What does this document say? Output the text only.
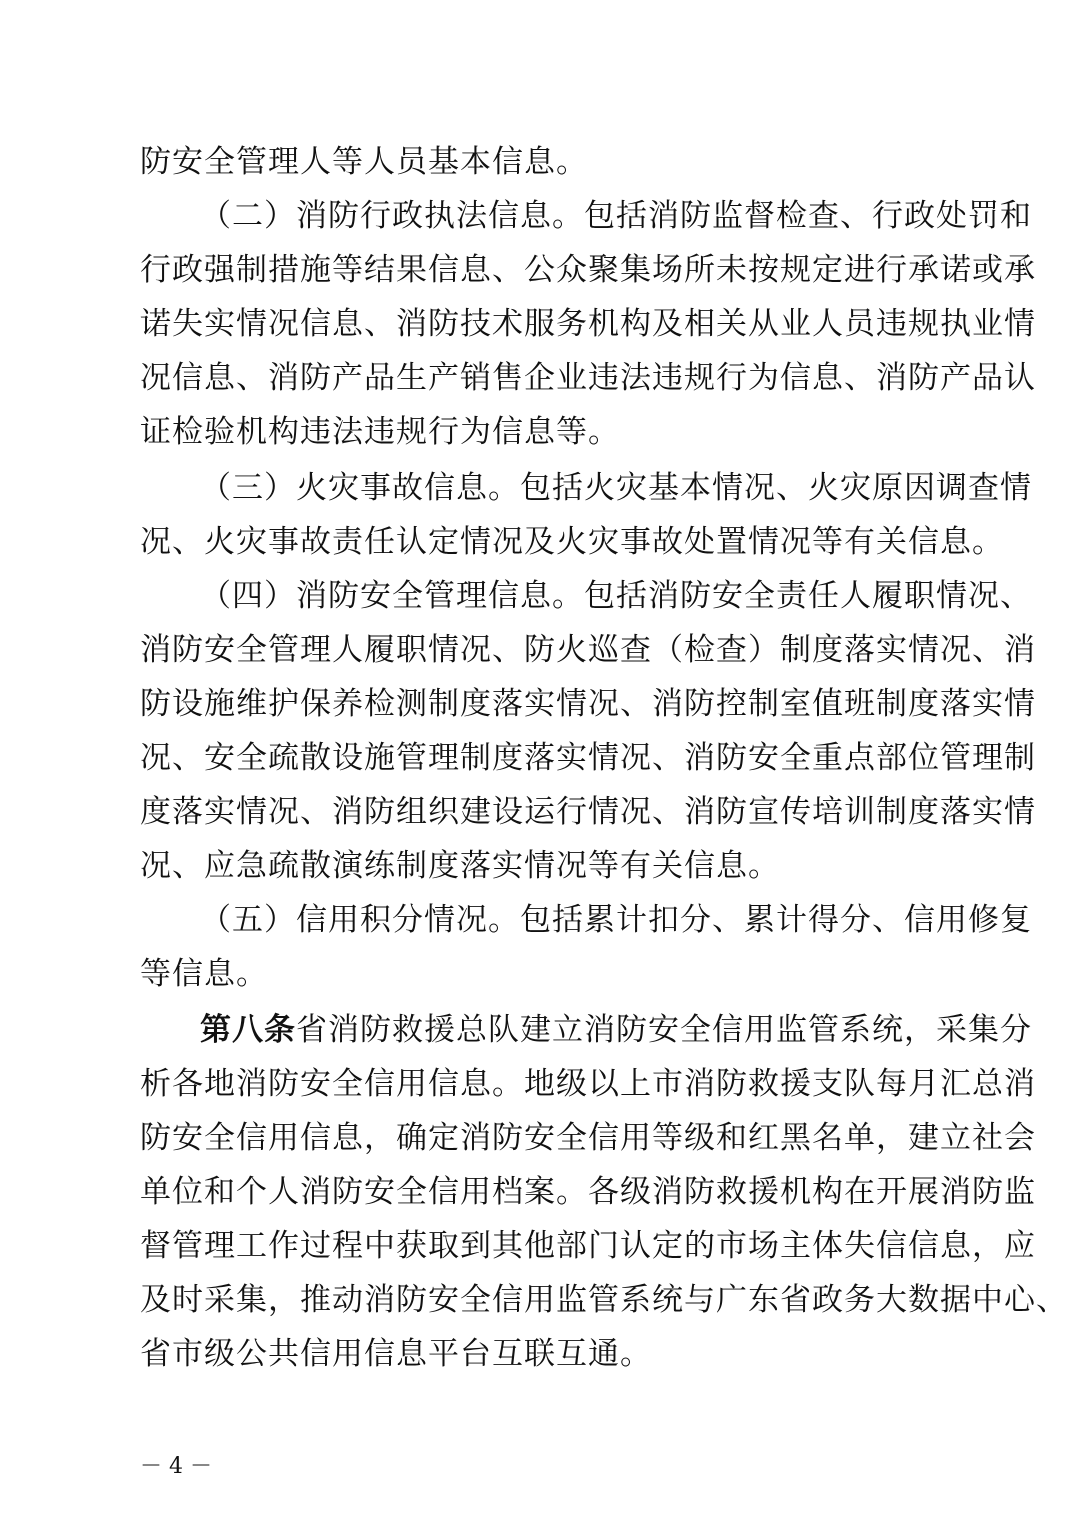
防安全管理人等人员基本信息。
（二）消防行政执法信息。包括消防监督检查、行政处罚和
行政强制措施等结果信息、公众聚集场所未按规定进行承诺或承
诺失实情况信息、消防技术服务机构及相关从业人员违规执业情
况信息、消防产品生产销售企业违法违规行为信息、消防产品认
证检验机构违法违规行为信息等。
（三）火灾事故信息。包括火灾基本情况、火灾原因调查情
况、火灾事故责任认定情况及火灾事故处置情况等有关信息。
（四）消防安全管理信息。包括消防安全责任人履职情况、
消防安全管理人履职情况、防火巡查（检查）制度落实情况、消
防设施维护保养检测制度落实情况、消防控制室值班制度落实情
况、安全疏散设施管理制度落实情况、消防安全重点部位管理制
度落实情况、消防组织建设运行情况、消防宣传培训制度落实情
况、应急疏散演练制度落实情况等有关信息。
（五）信用积分情况。包括累计扣分、累计得分、信用修复
等信息。
第八条省消防救援总队建立消防安全信用监管系统，采集分
析各地消防安全信用信息。地级以上市消防救援支队每月汇总消
防安全信用信息，确定消防安全信用等级和红黑名单，建立社会
单位和个人消防安全信用档案。各级消防救援机构在开展消防监
督管理工作过程中获取到其他部门认定的市场主体失信信息，应
及时采集，推动消防安全信用监管系统与广东省政务大数据中心、
省市级公共信用信息平台互联互通。
－ 4 －
